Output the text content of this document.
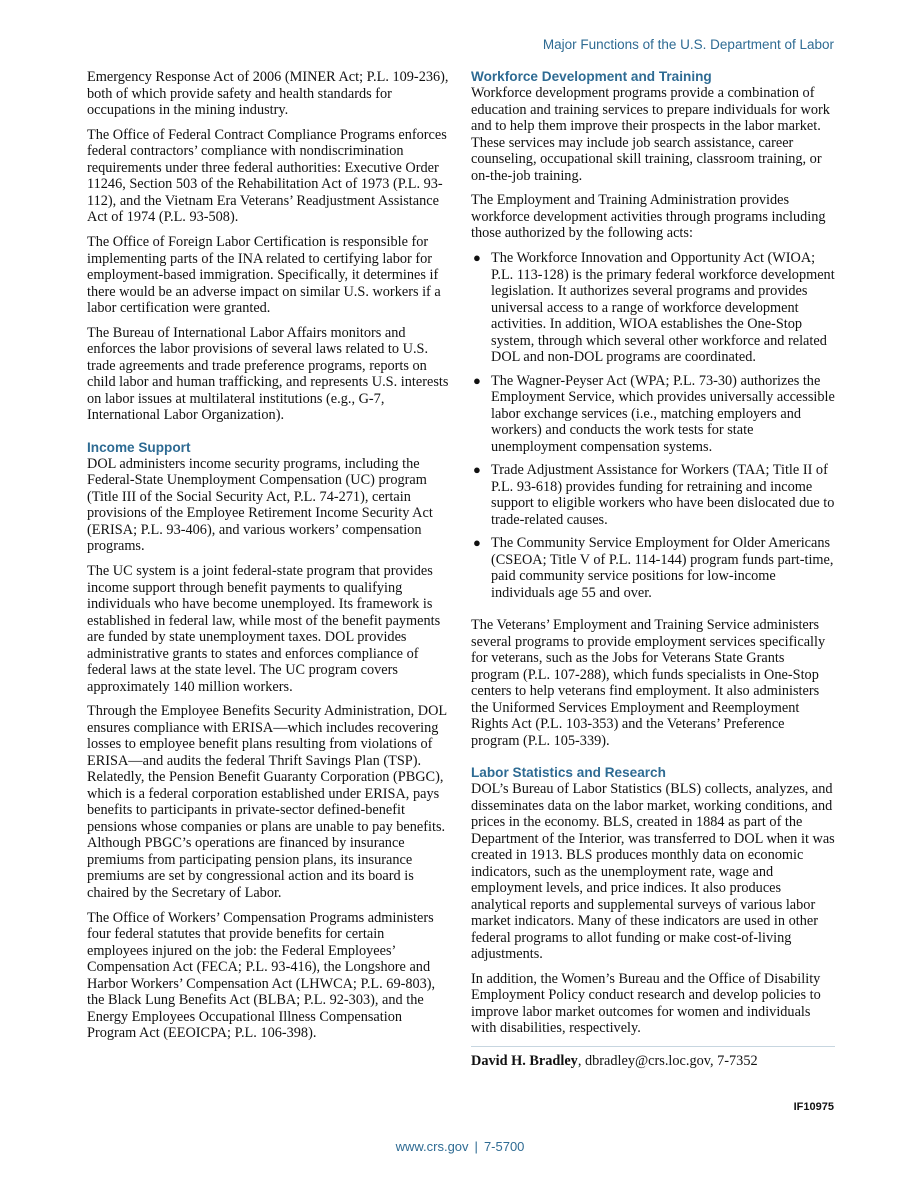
Major Functions of the U.S. Department of Labor

Emergency Response Act of 2006 (MINER Act; P.L. 109-236), both of which provide safety and health standards for occupations in the mining industry.

The Office of Federal Contract Compliance Programs enforces federal contractors’ compliance with nondiscrimination requirements under three federal authorities: Executive Order 11246, Section 503 of the Rehabilitation Act of 1973 (P.L. 93-112), and the Vietnam Era Veterans’ Readjustment Assistance Act of 1974 (P.L. 93-508).

The Office of Foreign Labor Certification is responsible for implementing parts of the INA related to certifying labor for employment-based immigration. Specifically, it determines if there would be an adverse impact on similar U.S. workers if a labor certification were granted.

The Bureau of International Labor Affairs monitors and enforces the labor provisions of several laws related to U.S. trade agreements and trade preference programs, reports on child labor and human trafficking, and represents U.S. interests on labor issues at multilateral institutions (e.g., G-7, International Labor Organization).

Income Support

DOL administers income security programs, including the Federal-State Unemployment Compensation (UC) program (Title III of the Social Security Act, P.L. 74-271), certain provisions of the Employee Retirement Income Security Act (ERISA; P.L. 93-406), and various workers’ compensation programs.

The UC system is a joint federal-state program that provides income support through benefit payments to qualifying individuals who have become unemployed. Its framework is established in federal law, while most of the benefit payments are funded by state unemployment taxes. DOL provides administrative grants to states and enforces compliance of federal laws at the state level. The UC program covers approximately 140 million workers.

Through the Employee Benefits Security Administration, DOL ensures compliance with ERISA—which includes recovering losses to employee benefit plans resulting from violations of ERISA—and audits the federal Thrift Savings Plan (TSP). Relatedly, the Pension Benefit Guaranty Corporation (PBGC), which is a federal corporation established under ERISA, pays benefits to participants in private-sector defined-benefit pensions whose companies or plans are unable to pay benefits. Although PBGC’s operations are financed by insurance premiums from participating pension plans, its insurance premiums are set by congressional action and its board is chaired by the Secretary of Labor.

The Office of Workers’ Compensation Programs administers four federal statutes that provide benefits for certain employees injured on the job: the Federal Employees’ Compensation Act (FECA; P.L. 93-416), the Longshore and Harbor Workers’ Compensation Act (LHWCA; P.L. 69-803), the Black Lung Benefits Act (BLBA; P.L. 92-303), and the Energy Employees Occupational Illness Compensation Program Act (EEOICPA; P.L. 106-398).

Workforce Development and Training

Workforce development programs provide a combination of education and training services to prepare individuals for work and to help them improve their prospects in the labor market. These services may include job search assistance, career counseling, occupational skill training, classroom training, or on-the-job training.

The Employment and Training Administration provides workforce development activities through programs including those authorized by the following acts:

● The Workforce Innovation and Opportunity Act (WIOA; P.L. 113-128) is the primary federal workforce development legislation. It authorizes several programs and provides universal access to a range of workforce development activities. In addition, WIOA establishes the One-Stop system, through which several other workforce and related DOL and non-DOL programs are coordinated.
● The Wagner-Peyser Act (WPA; P.L. 73-30) authorizes the Employment Service, which provides universally accessible labor exchange services (i.e., matching employers and workers) and conducts the work tests for state unemployment compensation systems.
● Trade Adjustment Assistance for Workers (TAA; Title II of P.L. 93-618) provides funding for retraining and income support to eligible workers who have been dislocated due to trade-related causes.
● The Community Service Employment for Older Americans (CSEOA; Title V of P.L. 114-144) program funds part-time, paid community service positions for low-income individuals age 55 and over.

The Veterans’ Employment and Training Service administers several programs to provide employment services specifically for veterans, such as the Jobs for Veterans State Grants program (P.L. 107-288), which funds specialists in One-Stop centers to help veterans find employment. It also administers the Uniformed Services Employment and Reemployment Rights Act (P.L. 103-353) and the Veterans’ Preference program (P.L. 105-339).

Labor Statistics and Research

DOL’s Bureau of Labor Statistics (BLS) collects, analyzes, and disseminates data on the labor market, working conditions, and prices in the economy. BLS, created in 1884 as part of the Department of the Interior, was transferred to DOL when it was created in 1913. BLS produces monthly data on economic indicators, such as the unemployment rate, wage and employment levels, and price indices. It also produces analytical reports and supplemental surveys of various labor market indicators. Many of these indicators are used in other federal programs to allot funding or make cost-of-living adjustments.

In addition, the Women’s Bureau and the Office of Disability Employment Policy conduct research and develop policies to improve labor market outcomes for women and individuals with disabilities, respectively.

David H. Bradley, dbradley@crs.loc.gov, 7-7352

IF10975
www.crs.gov | 7-5700
